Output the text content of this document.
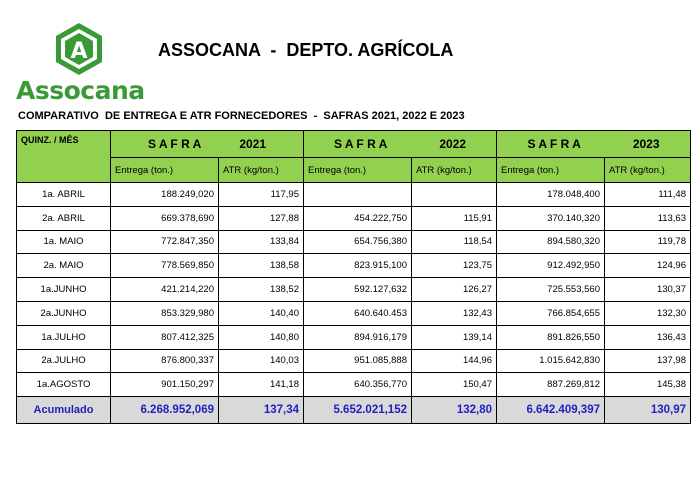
A
Assocana
ASSOCANA  -  DEPTO. AGRÍCOLA
COMPARATIVO  DE ENTREGA E ATR FORNECEDORES  -  SAFRAS 2021, 2022 E 2023
QUINZ. / MÊS	S A F R A 2021		S A F R A 2022		S A F R A 2023	

	Entrega (ton.)	ATR (kg/ton.)	Entrega (ton.)	ATR (kg/ton.)	Entrega (ton.)	ATR (kg/ton.)
1a. ABRIL	188.249,020	117,95			178.048,400	111,48
2a. ABRIL	669.378,690	127,88	454.222,750	115,91	370.140,320	113,63
1a. MAIO	772.847,350	133,84	654.756,380	118,54	894.580,320	119,78
2a. MAIO	778.569,850	138,58	823.915,100	123,75	912.492,950	124,96
1a.JUNHO	421.214,220	138,52	592.127,632	126,27	725.553,560	130,37
2a.JUNHO	853.329,980	140,40	640.640.453	132,43	766.854,655	132,30
1a.JULHO	807.412,325	140,80	894.916,179	139,14	891.826,550	136,43
2a.JULHO	876.800,337	140,03	951.085,888	144,96	1.015.642,830	137,98
1a.AGOSTO	901.150,297	141,18	640.356,770	150,47	887.269,812	145,38
Acumulado	6.268.952,069	137,34	5.652.021,152	132,80	6.642.409,397	130,97
